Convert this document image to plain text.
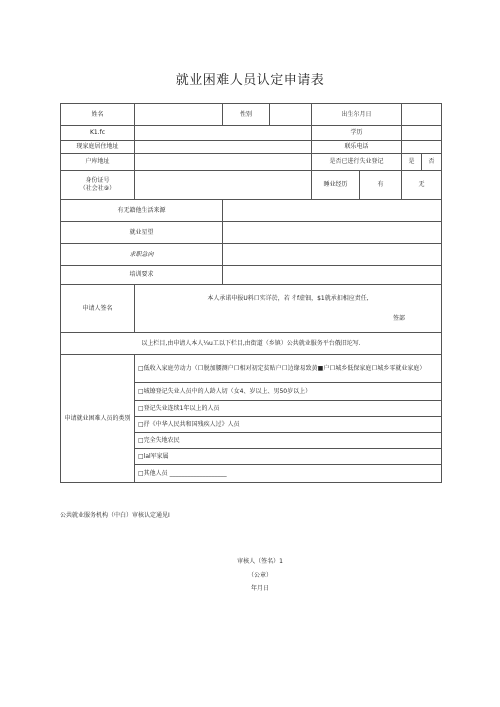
就业困难人员认定申请表
姓名		性别		出生尔月日		
K1.fc				学历		
现家庭居住地址				联乐电话		
户库地址				是否已进行失业登记		是 否

身份证号
（社会社⑨）				睡业经历	有	无
有无籍他生活来源						
就业星望						
求职急向						
培训要求						
申请人签名	本人承诺申报U料口实详於，若 彳f虚钿，$1就承扣相应责任,
签部					

以上栏目,由申请人本人¼u工以下栏目,由街道（乡镇）公共就业服务平台俄旧坨写.						
申请就业困难人员的类别	□低收入家庭劳动力（口脱加腰测户口相对初定贫贴户口边缘易致黄■户口城乡低保家庭口城乡零就业家庭）					
	□城镣登记失业人员中的人龄人切（女4、岁以上、男50岁以上）					
	□登记失业连续1年以上的人员					
	□抒《中华人民共和国残疾人过》人员					
	□完全失地农民					
	□lal军家属					
	□其他人员 ___________________					
公共就业服务机构（中白）审核认定通见I
审核人（签名）1
（公章）
年月日
